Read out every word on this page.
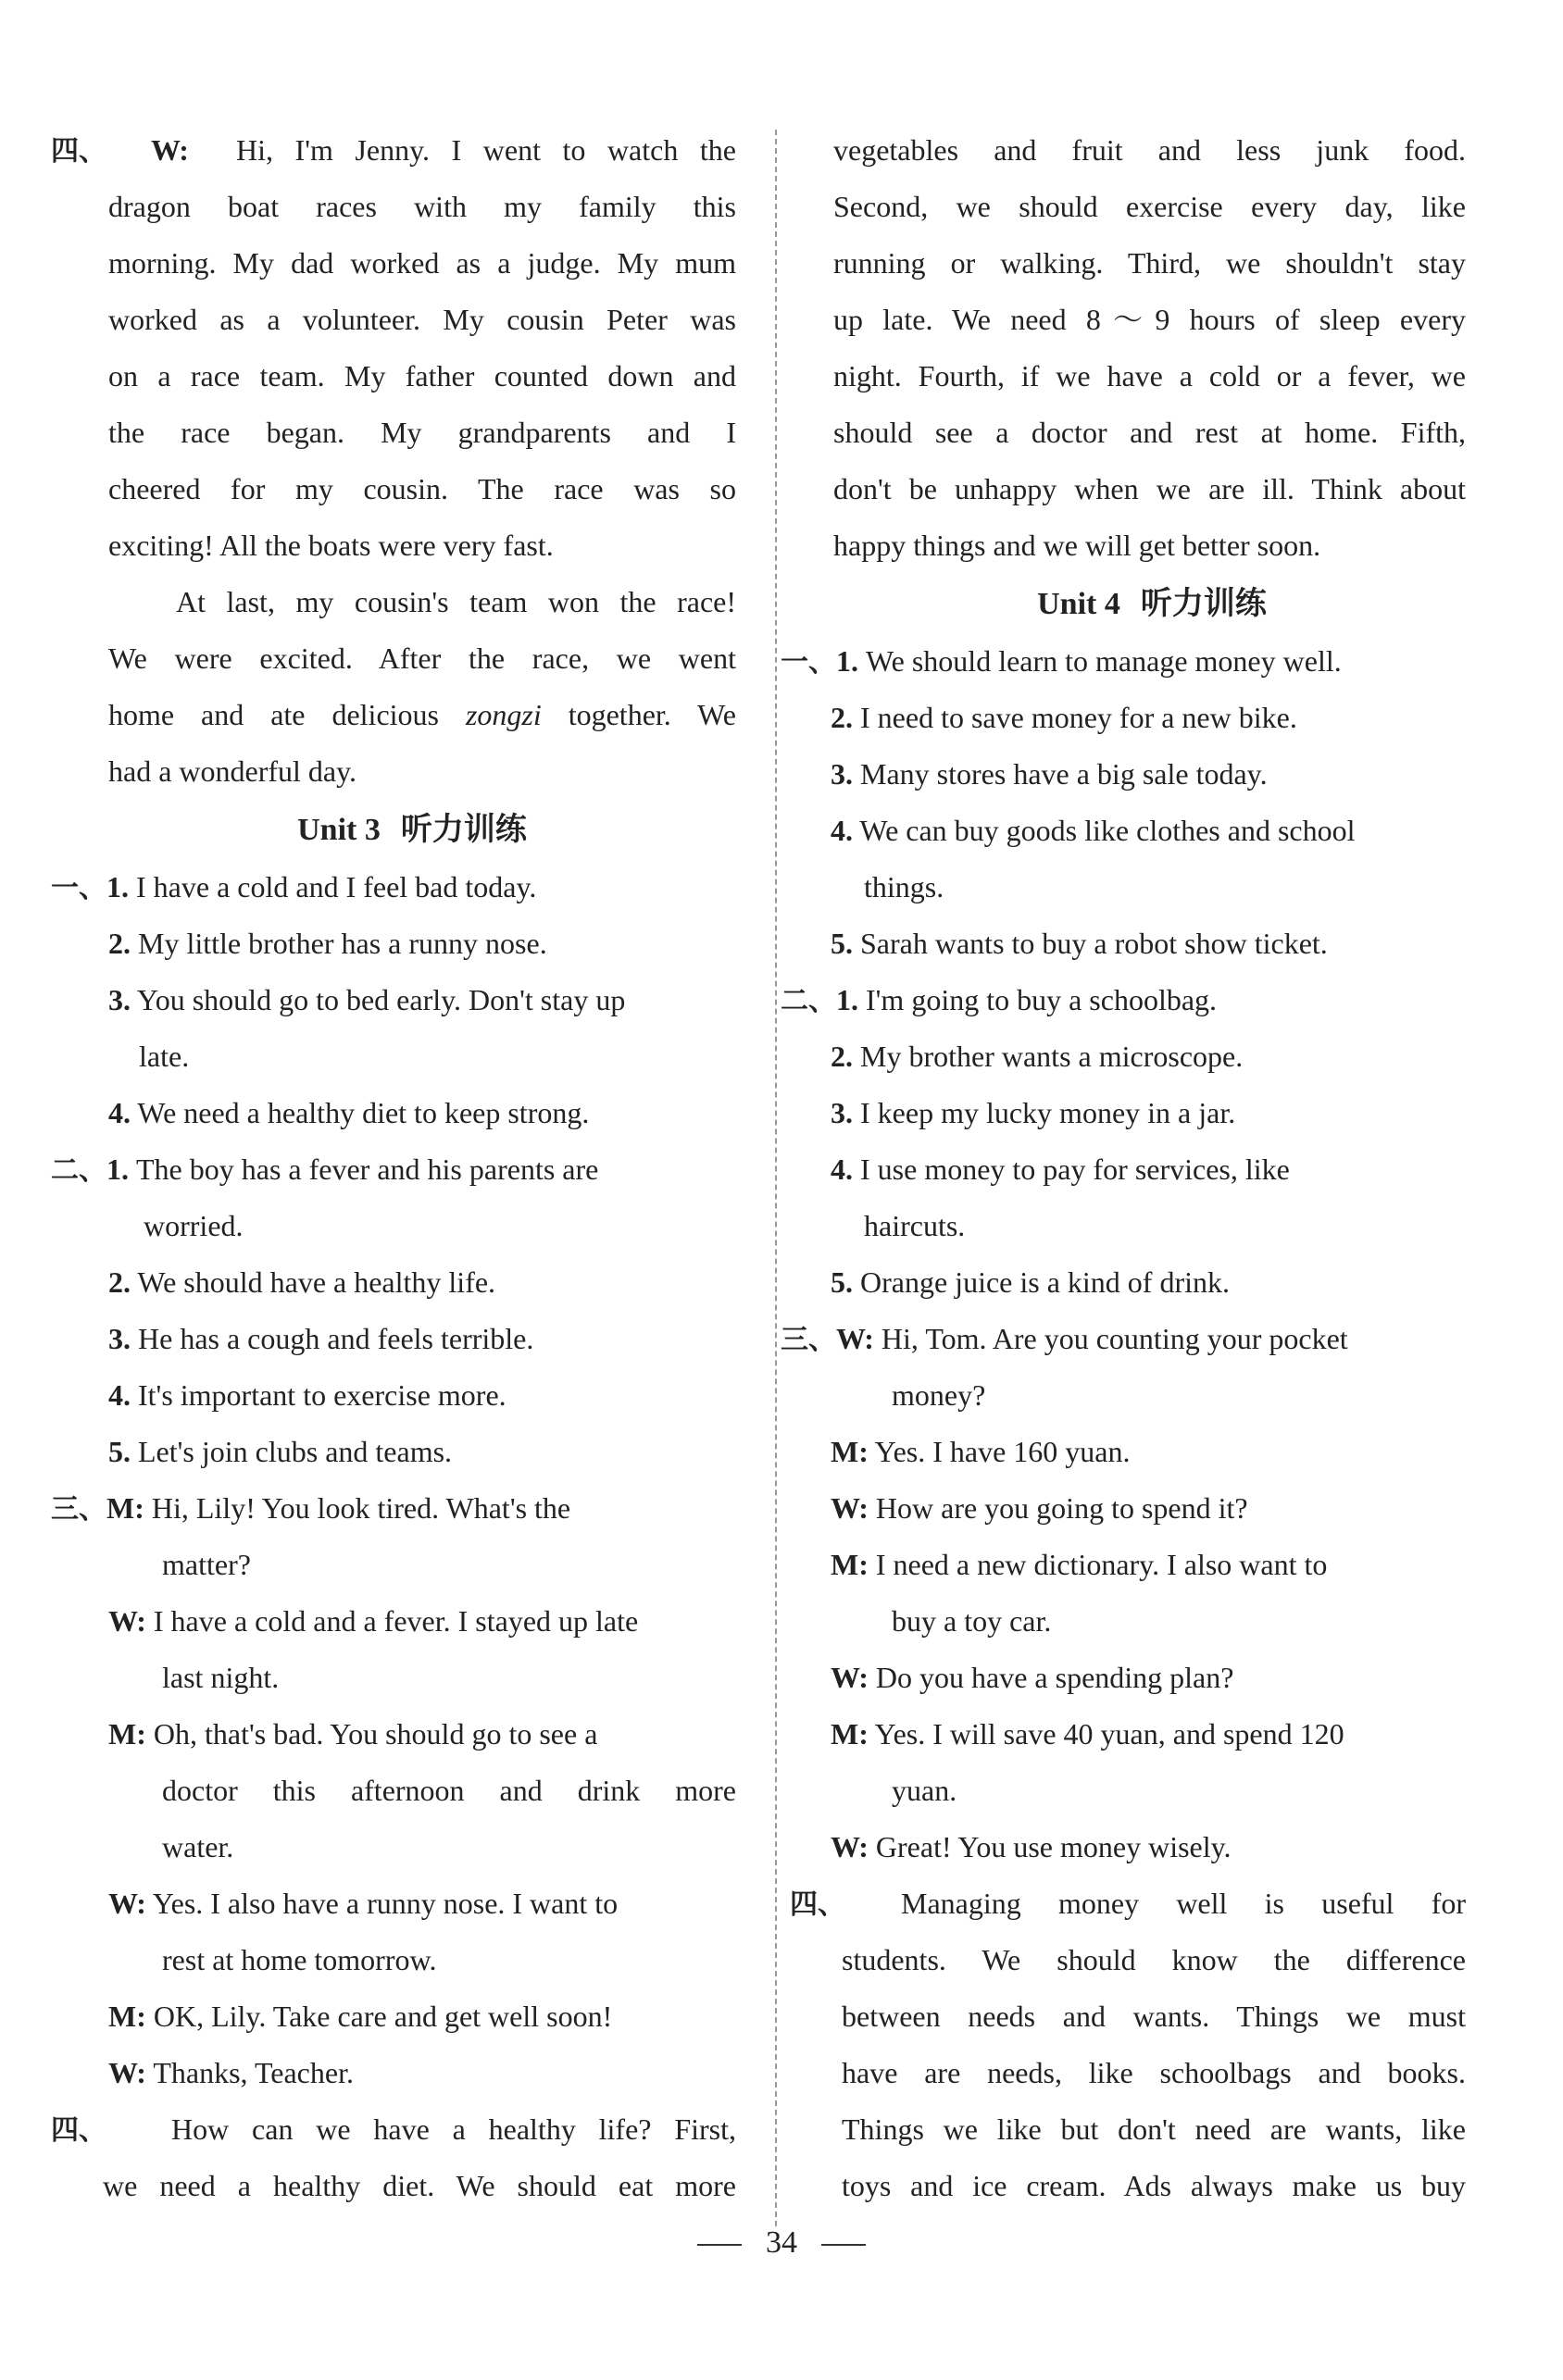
四、 W: Hi, I'm Jenny. I went to watch the
dragon boat races with my family this
morning. My dad worked as a judge. My mum
worked as a volunteer. My cousin Peter was
on a race team. My father counted down and
the race began. My grandparents and I
cheered for my cousin. The race was so
exciting! All the boats were very fast.
At last, my cousin's team won the race!
We were excited. After the race, we went
home and ate delicious zongzi together. We
had a wonderful day.
Unit 3 听力训练
一、1. I have a cold and I feel bad today.
2. My little brother has a runny nose.
3. You should go to bed early. Don't stay up
late.
4. We need a healthy diet to keep strong.
二、1. The boy has a fever and his parents are
worried.
2. We should have a healthy life.
3. He has a cough and feels terrible.
4. It's important to exercise more.
5. Let's join clubs and teams.
三、M: Hi, Lily! You look tired. What's the
matter?
W: I have a cold and a fever. I stayed up late
last night.
M: Oh, that's bad. You should go to see a
doctor this afternoon and drink more
water.
W: Yes. I also have a runny nose. I want to
rest at home tomorrow.
M: OK, Lily. Take care and get well soon!
W: Thanks, Teacher.
四、 How can we have a healthy life? First,
we need a healthy diet. We should eat more
vegetables and fruit and less junk food.
Second, we should exercise every day, like
running or walking. Third, we shouldn't stay
up late. We need 8～9 hours of sleep every
night. Fourth, if we have a cold or a fever, we
should see a doctor and rest at home. Fifth,
don't be unhappy when we are ill. Think about
happy things and we will get better soon.
Unit 4 听力训练
一、1. We should learn to manage money well.
2. I need to save money for a new bike.
3. Many stores have a big sale today.
4. We can buy goods like clothes and school
things.
5. Sarah wants to buy a robot show ticket.
二、1. I'm going to buy a schoolbag.
2. My brother wants a microscope.
3. I keep my lucky money in a jar.
4. I use money to pay for services, like
haircuts.
5. Orange juice is a kind of drink.
三、W: Hi, Tom. Are you counting your pocket
money?
M: Yes. I have 160 yuan.
W: How are you going to spend it?
M: I need a new dictionary. I also want to
buy a toy car.
W: Do you have a spending plan?
M: Yes. I will save 40 yuan, and spend 120
yuan.
W: Great! You use money wisely.
四、 Managing money well is useful for
students. We should know the difference
between needs and wants. Things we must
have are needs, like schoolbags and books.
Things we like but don't need are wants, like
toys and ice cream. Ads always make us buy
34
